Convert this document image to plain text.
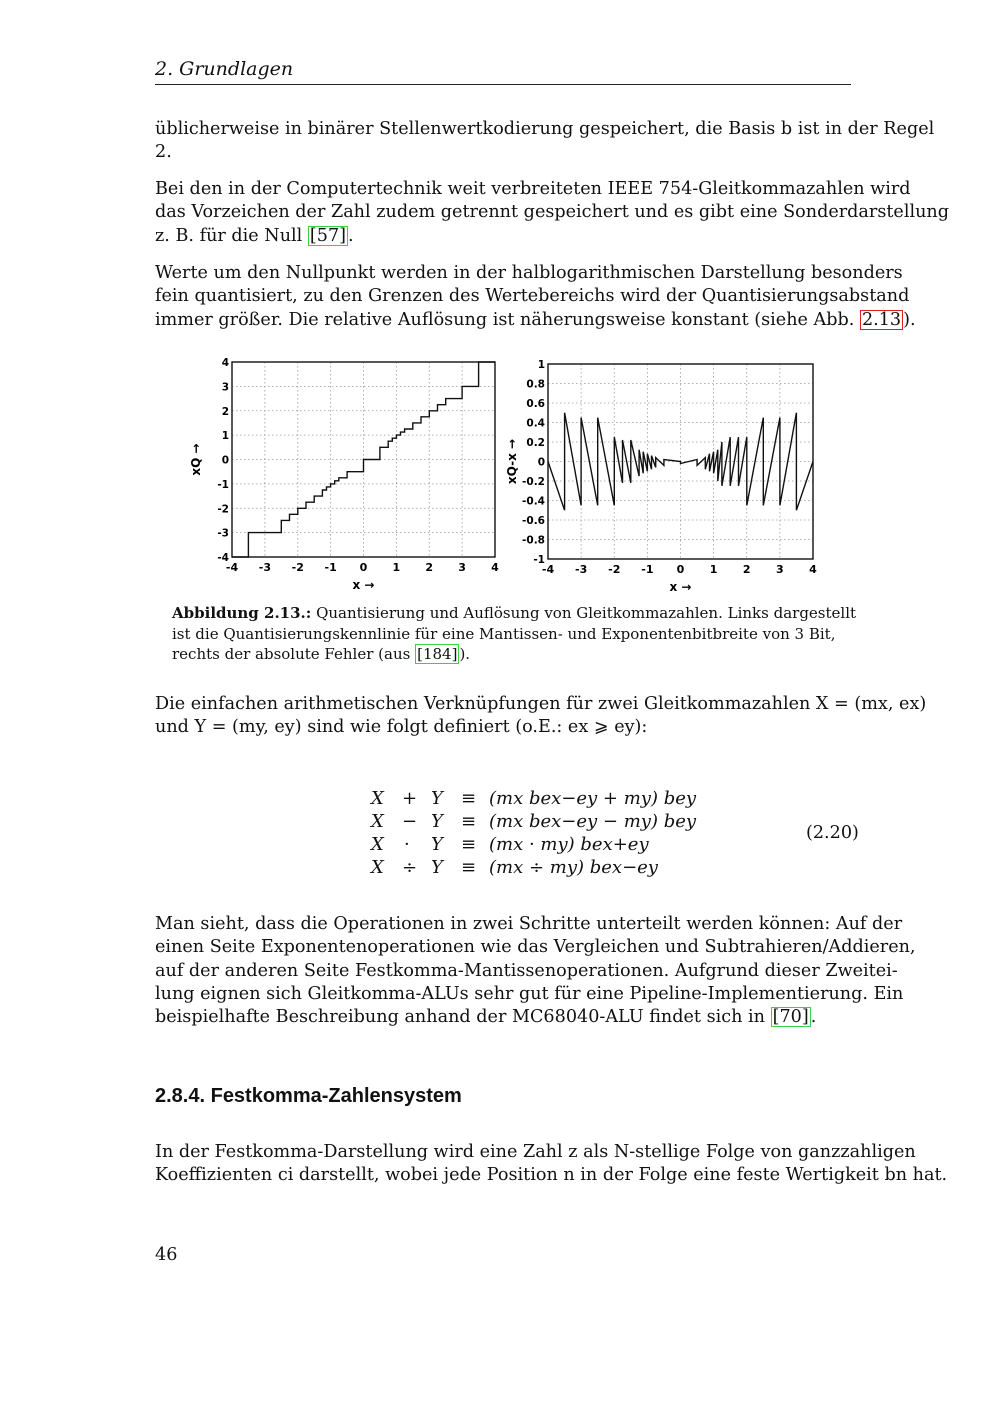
2. Grundlagen
üblicherweise in binärer Stellenwertkodierung gespeichert, die Basis b ist in der Regel
2.
Bei den in der Computertechnik weit verbreiteten IEEE 754-Gleitkommazahlen wird
das Vorzeichen der Zahl zudem getrennt gespeichert und es gibt eine Sonderdarstellung
z. B. für die Null [57] .
Werte um den Nullpunkt werden in der halblogarithmischen Darstellung besonders
fein quantisiert, zu den Grenzen des Wertebereichs wird der Quantisierungsabstand
immer größer. Die relative Auflösung ist näherungsweise konstant (siehe Abb. 2.13 ).
-4 -3 -2 -1 0 1 2 3 4
4
3
2
1
0
-1
-2
-3
-4
x →
xQ →
-4 -3 -2 -1 0 1 2 3 4
1
0.8
0.6
0.4
0.2
0
-0.2
-0.4
-0.6
-0.8
-1
x →
xQ-x →
Abbildung 2.13.: Quantisierung und Auflösung von Gleitkommazahlen. Links dargestellt
ist die Quantisierungskennlinie für eine Mantissen- und Exponentenbitbreite von 3 Bit,
rechts der absolute Fehler (aus [184] ).
Die einfachen arithmetischen Verknüpfungen für zwei Gleitkommazahlen X = (mx, ex)
und Y = (my, ey) sind wie folgt definiert (o.E.: ex ⩾ ey):
X + Y ≡ (mx bex−ey + my) bey
X − Y ≡ (mx bex−ey − my) bey
X · Y ≡ (mx · my) bex+ey
X ÷ Y ≡ (mx ÷ my) bex−ey
(2.20)
Man sieht, dass die Operationen in zwei Schritte unterteilt werden können: Auf der
einen Seite Exponentenoperationen wie das Vergleichen und Subtrahieren/Addieren,
auf der anderen Seite Festkomma-Mantissenoperationen. Aufgrund dieser Zweitei-
lung eignen sich Gleitkomma-ALUs sehr gut für eine Pipeline-Implementierung. Ein
beispielhafte Beschreibung anhand der MC68040-ALU findet sich in [70] .
2.8.4. Festkomma-Zahlensystem
In der Festkomma-Darstellung wird eine Zahl z als N-stellige Folge von ganzzahligen
Koeffizienten ci darstellt, wobei jede Position n in der Folge eine feste Wertigkeit bn hat.
46
